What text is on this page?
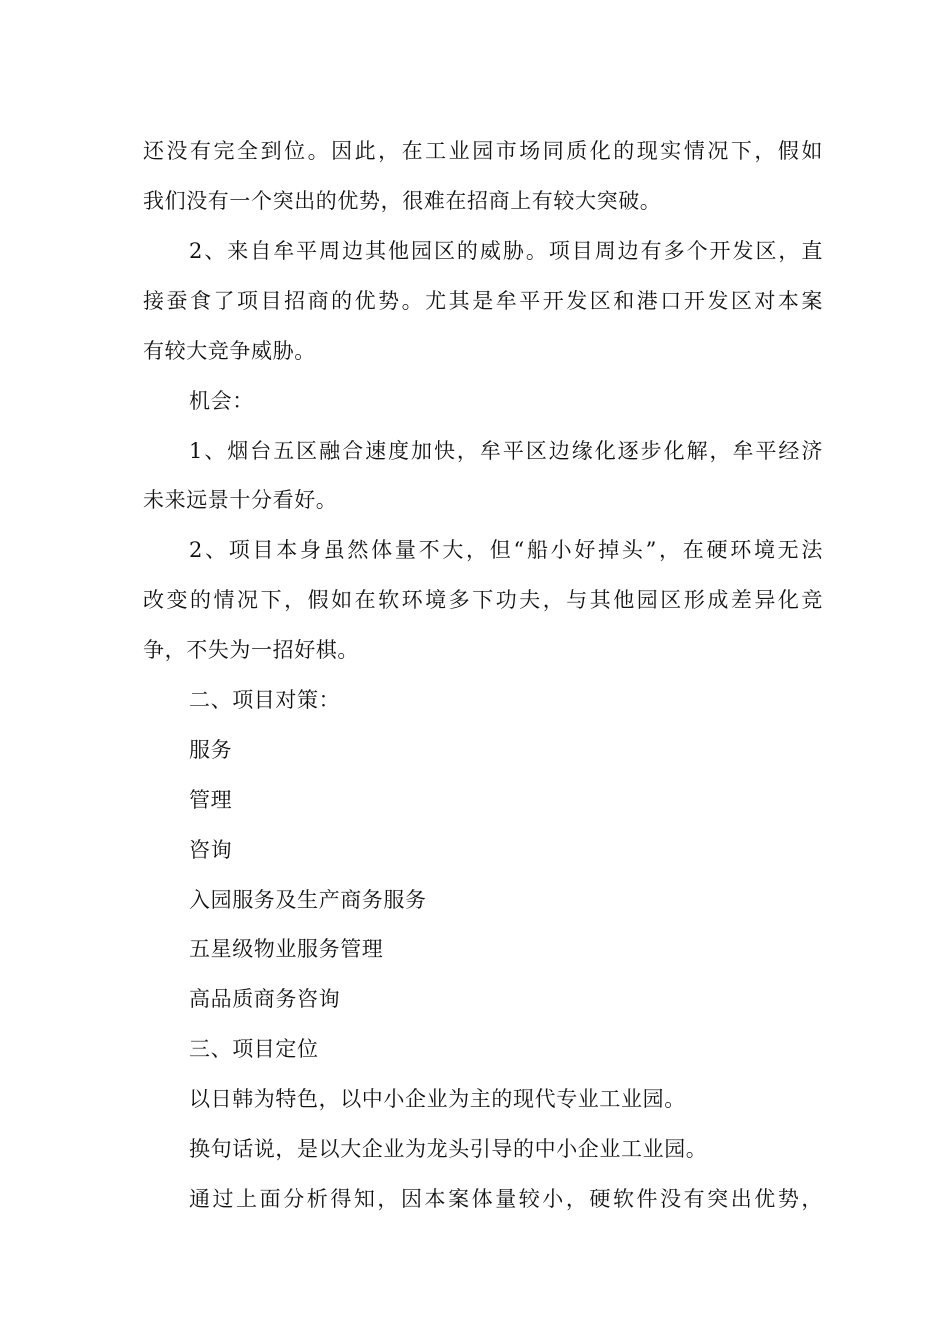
还没有完全到位。因此，在工业园市场同质化的现实情况下，假如
我们没有一个突出的优势，很难在招商上有较大突破。
2、来自牟平周边其他园区的威胁。项目周边有多个开发区，直
接蚕食了项目招商的优势。尤其是牟平开发区和港口开发区对本案
有较大竞争威胁。
机会：
1、烟台五区融合速度加快，牟平区边缘化逐步化解，牟平经济
未来远景十分看好。
2、项目本身虽然体量不大，但“船小好掉头”，在硬环境无法
改变的情况下，假如在软环境多下功夫，与其他园区形成差异化竞
争，不失为一招好棋。
二、项目对策：
服务
管理
咨询
入园服务及生产商务服务
五星级物业服务管理
高品质商务咨询
三、项目定位
以日韩为特色，以中小企业为主的现代专业工业园。
换句话说，是以大企业为龙头引导的中小企业工业园。
通过上面分析得知，因本案体量较小，硬软件没有突出优势，
